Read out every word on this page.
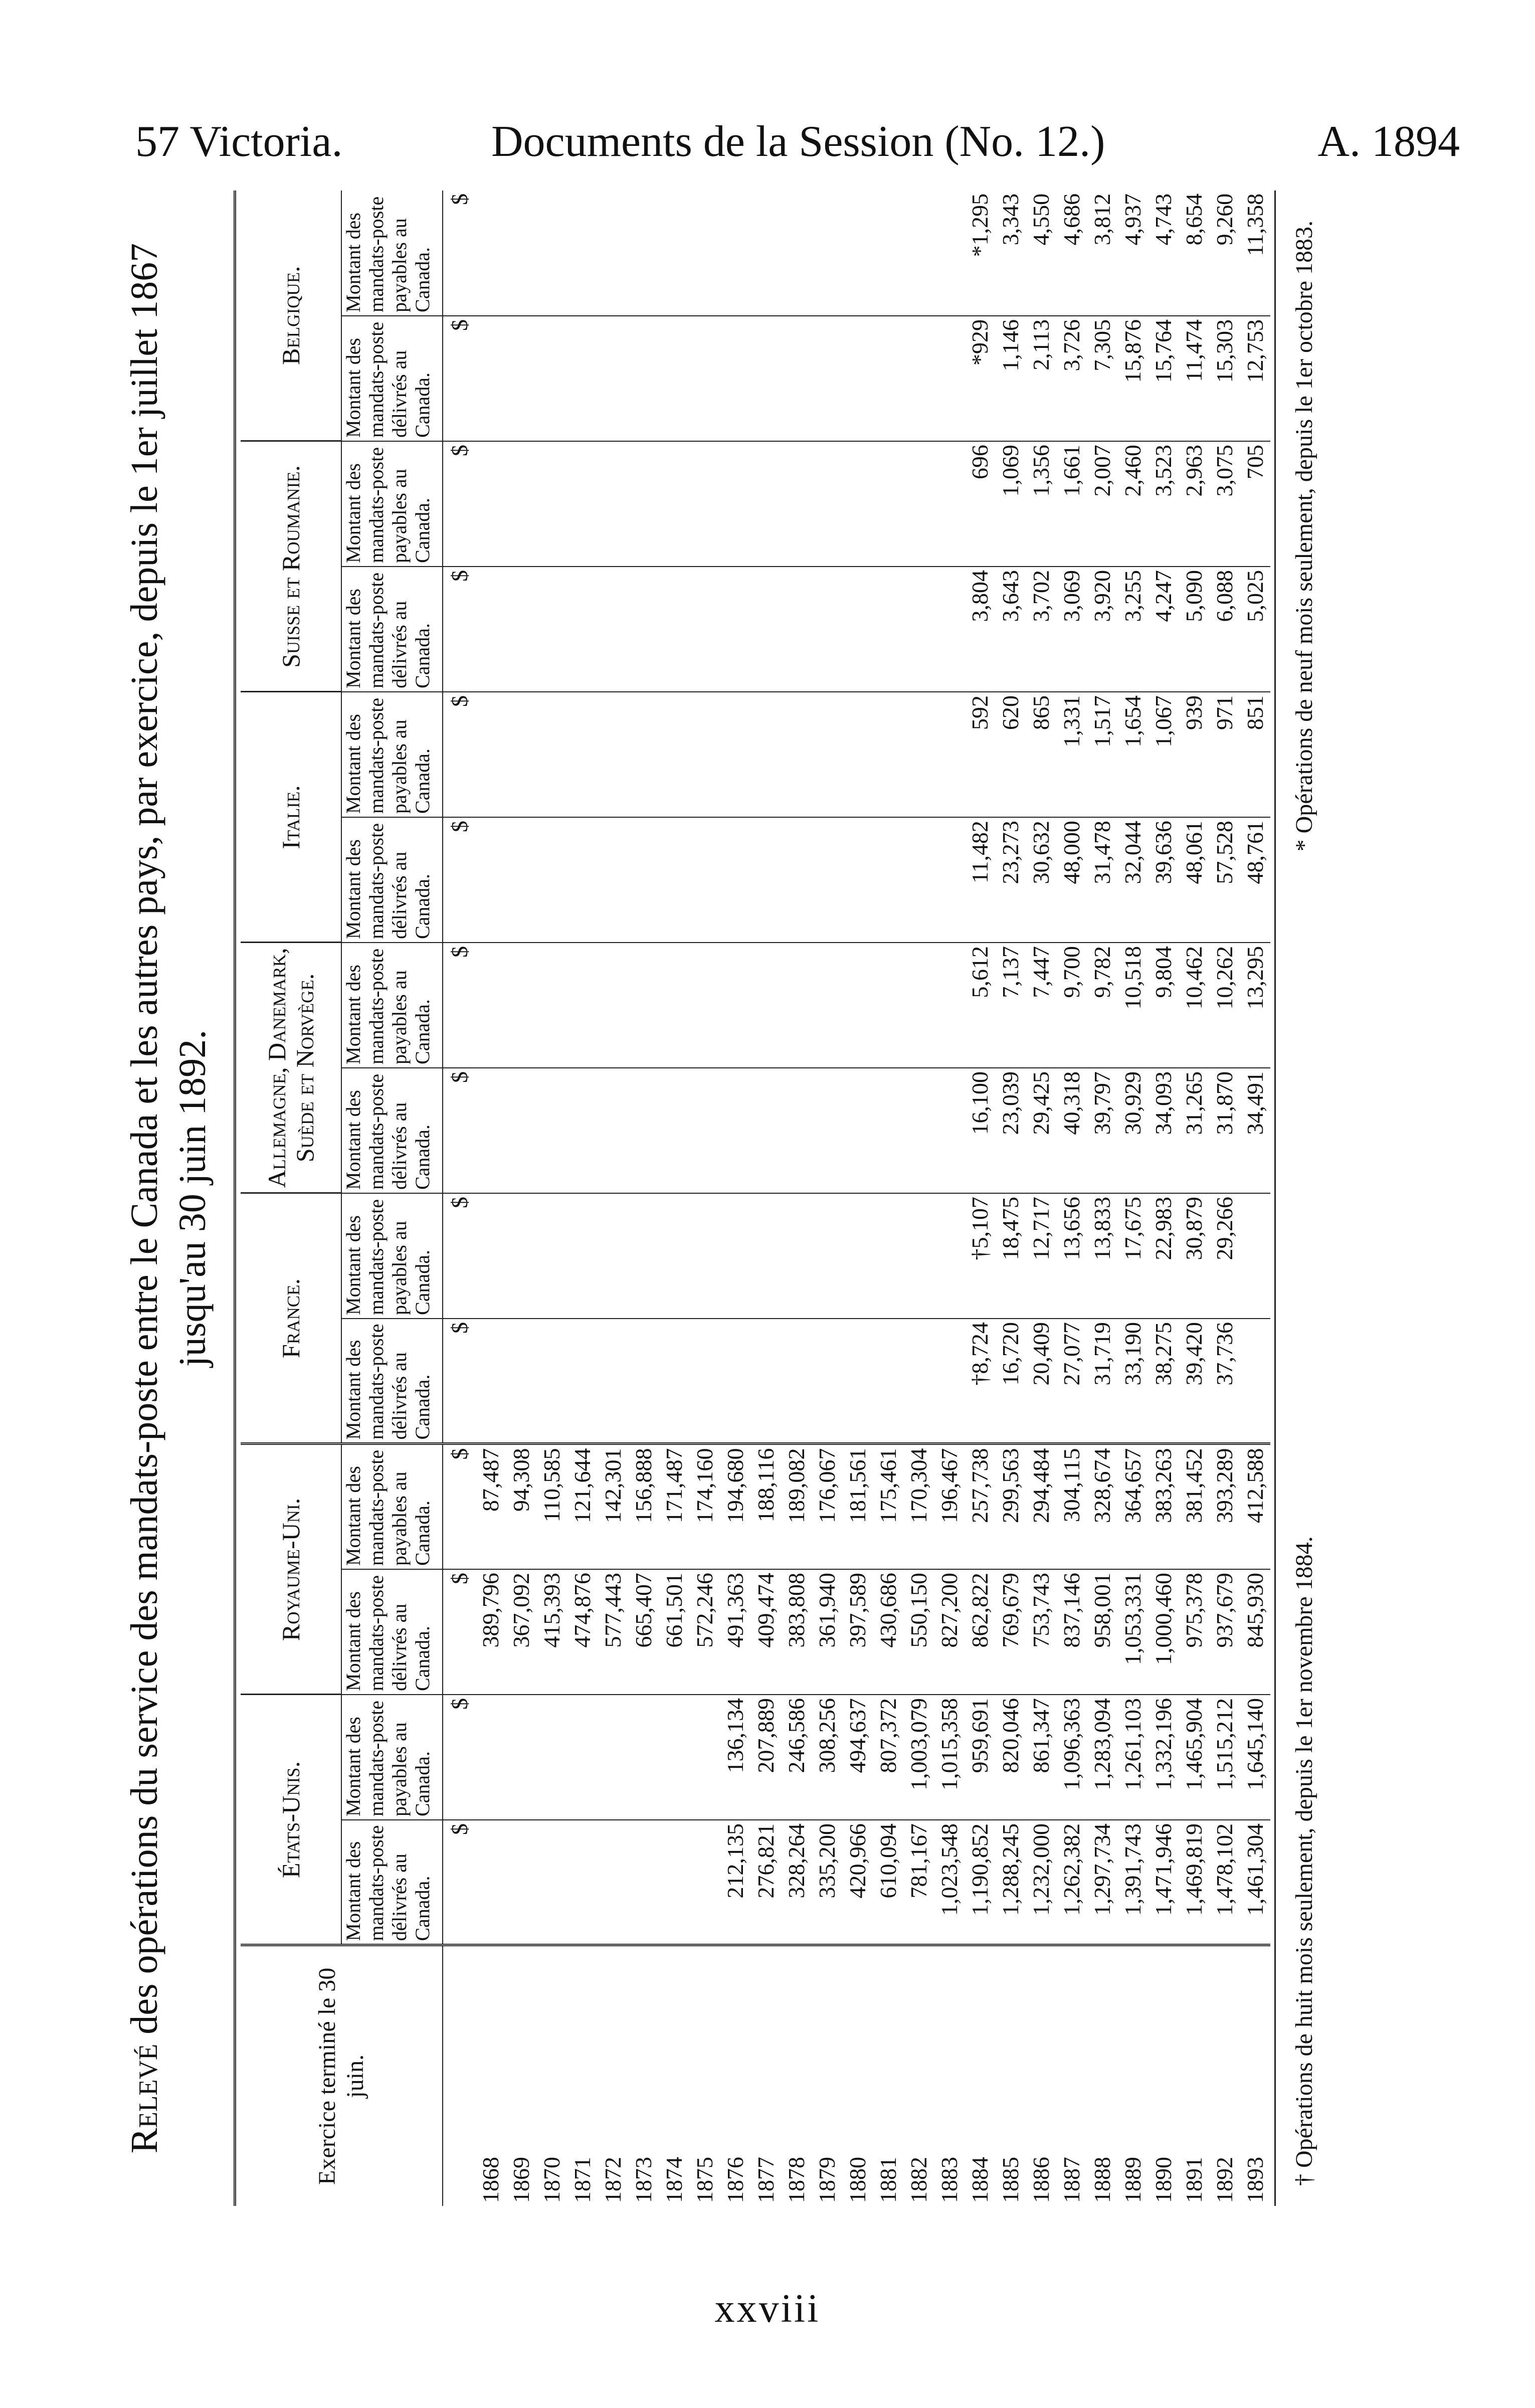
57 Victoria.	Documents de la Session (No. 12.)	A. 1894
Relevé des opérations du service des mandats-poste entre le Canada et les autres pays, par exercice, depuis le 1er juillet 1867 jusqu'au 30 juin 1892.
Exercice terminé le 30 juin.	États-Unis.		Royaume-Uni.		France.		Allemagne, Danemark, Suède et Norvège.		Italie.		Suisse et Roumanie.		Belgique.	
	Montant des mandats-poste délivrés au Canada.	Montant des mandats-poste payables au Canada.	Montant des mandats-poste délivrés au Canada.	Montant des mandats-poste payables au Canada.	Montant des mandats-poste délivrés au Canada.	Montant des mandats-poste payables au Canada.	Montant des mandats-poste délivrés au Canada.	Montant des mandats-poste payables au Canada.	Montant des mandats-poste délivrés au Canada.	Montant des mandats-poste payables au Canada.	Montant des mandats-poste délivrés au Canada.	Montant des mandats-poste payables au Canada.	Montant des mandats-poste délivrés au Canada.	Montant des mandats-poste payables au Canada.
	$	$	$	$	$	$	$	$	$	$	$	$	$	$
1868			389,796	87,487										
1869			367,092	94,308										
1870			415,393	110,585										
1871			474,876	121,644										
1872			577,443	142,301										
1873			665,407	156,888										
1874			661,501	171,487										
1875			572,246	174,160										
1876	212,135	136,134	491,363	194,680										
1877	276,821	207,889	409,474	188,116										
1878	328,264	246,586	383,808	189,082										
1879	335,200	308,256	361,940	176,067										
1880	420,966	494,637	397,589	181,561										
1881	610,094	807,372	430,686	175,461										
1882	781,167	1,003,079	550,150	170,304										
1883	1,023,548	1,015,358	827,200	196,467										
1884	1,190,852	959,691	862,822	257,738	†8,724	†5,107	16,100	5,612	11,482	592	3,804	696	*929	*1,295
1885	1,288,245	820,046	769,679	299,563	16,720	18,475	23,039	7,137	23,273	620	3,643	1,069	1,146	3,343
1886	1,232,000	861,347	753,743	294,484	20,409	12,717	29,425	7,447	30,632	865	3,702	1,356	2,113	4,550
1887	1,262,382	1,096,363	837,146	304,115	27,077	13,656	40,318	9,700	48,000	1,331	3,069	1,661	3,726	4,686
1888	1,297,734	1,283,094	958,001	328,674	31,719	13,833	39,797	9,782	31,478	1,517	3,920	2,007	7,305	3,812
1889	1,391,743	1,261,103	1,053,331	364,657	33,190	17,675	30,929	10,518	32,044	1,654	3,255	2,460	15,876	4,937
1890	1,471,946	1,332,196	1,000,460	383,263	38,275	22,983	34,093	9,804	39,636	1,067	4,247	3,523	15,764	4,743
1891	1,469,819	1,465,904	975,378	381,452	39,420	30,879	31,265	10,462	48,061	939	5,090	2,963	11,474	8,654
1892	1,478,102	1,515,212	937,679	393,289	37,736	29,266	31,870	10,262	57,528	971	6,088	3,075	15,303	9,260
1893	1,461,304	1,645,140	845,930	412,588			34,491	13,295	48,761	851	5,025	705	12,753	11,358
† Opérations de huit mois seulement, depuis le 1er novembre 1884.
* Opérations de neuf mois seulement, depuis le 1er octobre 1883.
xxviii
